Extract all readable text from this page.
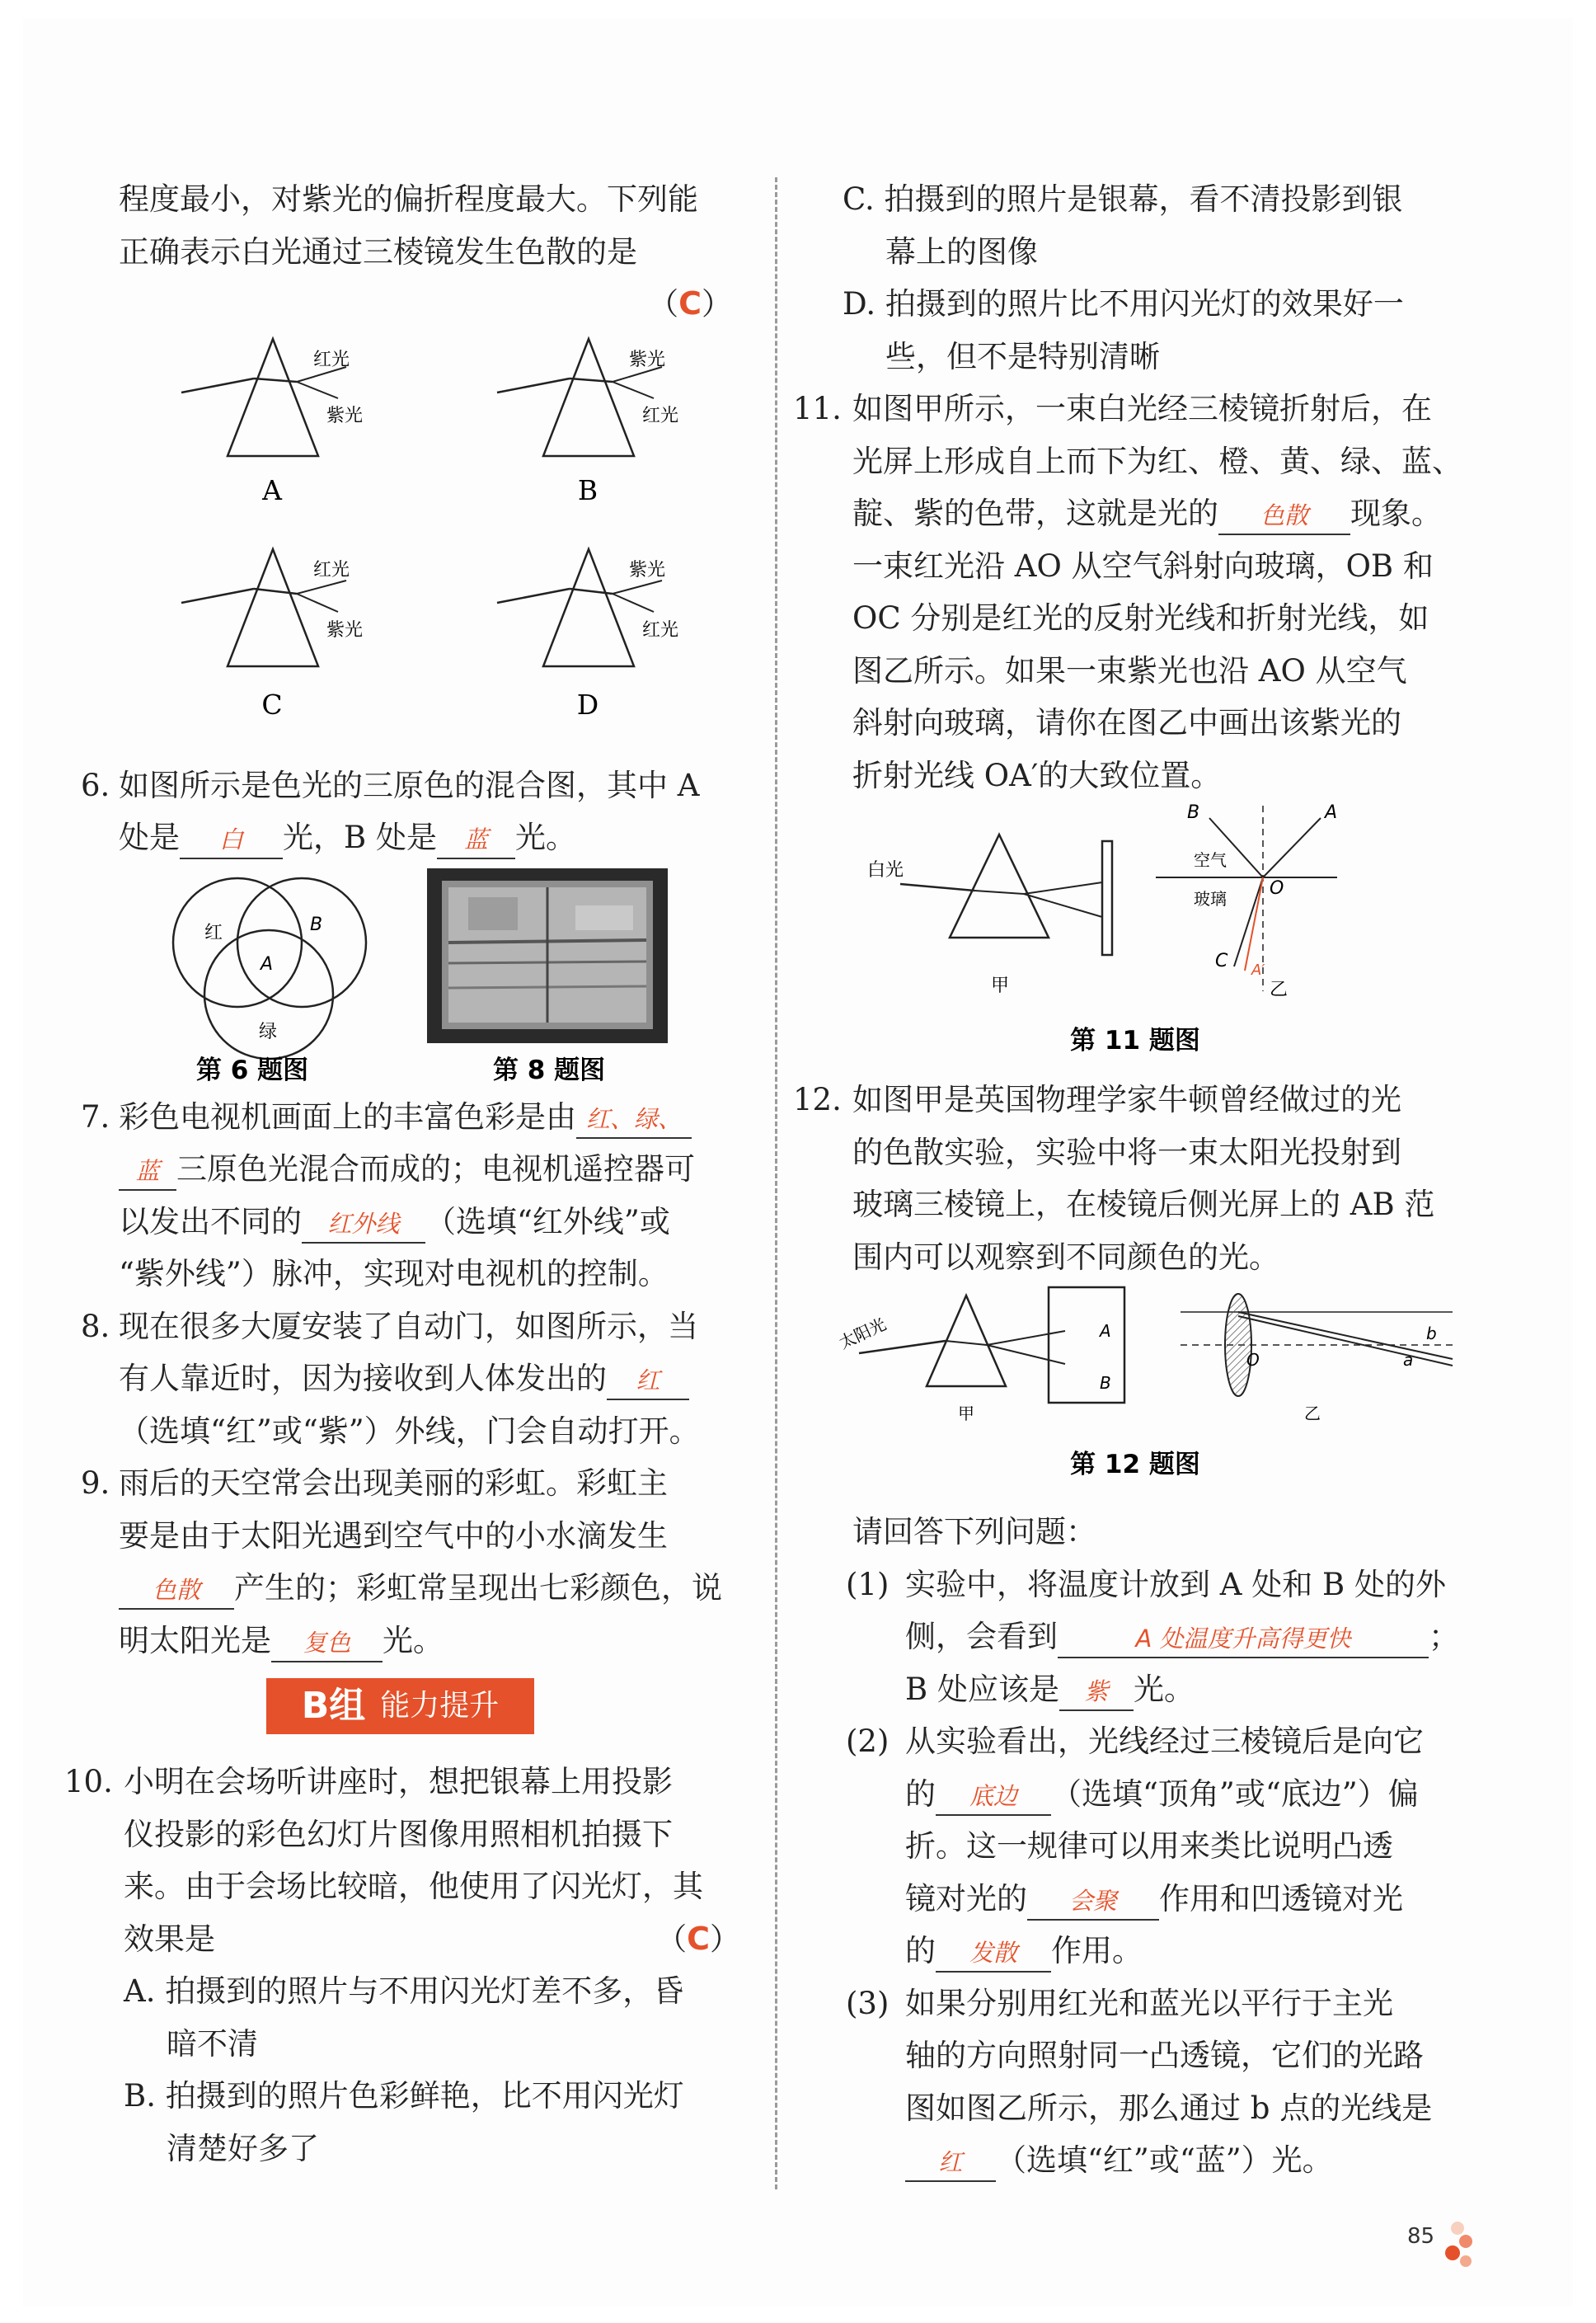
程度最小，对紫光的偏折程度最大。下列能

正确表示白光通过三棱镜发生色散的是

（C）

红光
紫光
A
紫光
红光
B
红光
紫光
C
紫光
红光
D
6. 如图所示是色光的三原色的混合图，其中 A

处是 白 光，B 处是 蓝 光。

红	B
A
绿
第 6 题图	第 8 题图
7. 彩色电视机画面上的丰富色彩是由 红、绿、

蓝 三原色光混合而成的；电视机遥控器可

以发出不同的 红外线 （选填“红外线”或

“紫外线”）脉冲，实现对电视机的控制。

8. 现在很多大厦安装了自动门，如图所示，当

有人靠近时，因为接收到人体发出的 红

（选填“红”或“紫”）外线，门会自动打开。

9. 雨后的天空常会出现美丽的彩虹。彩虹主

要是由于太阳光遇到空气中的小水滴发生

色散 产生的；彩虹常呈现出七彩颜色，说

明太阳光是 复色 光。

B组 能力提升
10. 小明在会场听讲座时，想把银幕上用投影

仪投影的彩色幻灯片图像用照相机拍摄下

来。由于会场比较暗，他使用了闪光灯，其

效果是	（C）

A. 拍摄到的照片与不用闪光灯差不多，昏

暗不清

B. 拍摄到的照片色彩鲜艳，比不用闪光灯

清楚好多了

C. 拍摄到的照片是银幕，看不清投影到银

幕上的图像

D. 拍摄到的照片比不用闪光灯的效果好一

些，但不是特别清晰

11. 如图甲所示，一束白光经三棱镜折射后，在

光屏上形成自上而下为红、橙、黄、绿、蓝、

靛、紫的色带，这就是光的 色散 现象。

一束红光沿 AO 从空气斜射向玻璃，OB 和

OC 分别是红光的反射光线和折射光线，如

图乙所示。如果一束紫光也沿 AO 从空气

斜射向玻璃，请你在图乙中画出该紫光的

折射光线 OA′的大致位置。

白光
甲
B	A
空气
玻璃 O
C A′
乙
第 11 题图
12. 如图甲是英国物理学家牛顿曾经做过的光

的色散实验，实验中将一束太阳光投射到

玻璃三棱镜上，在棱镜后侧光屏上的 AB 范

围内可以观察到不同颜色的光。

太阳光	A
B
甲
O	a
b
乙
第 12 题图

请回答下列问题：

(1) 实验中，将温度计放到 A 处和 B 处的外

侧，会看到	A 处温度升高得更快	；

B 处应该是 紫 光。

(2) 从实验看出，光线经过三棱镜后是向它

的 底边 （选填“顶角”或“底边”）偏

折。这一规律可以用来类比说明凸透

镜对光的 会聚 作用和凹透镜对光

的 发散 作用。

(3) 如果分别用红光和蓝光以平行于主光

轴的方向照射同一凸透镜，它们的光路

图如图乙所示，那么通过 b 点的光线是

红 （选填“红”或“蓝”）光。

85
